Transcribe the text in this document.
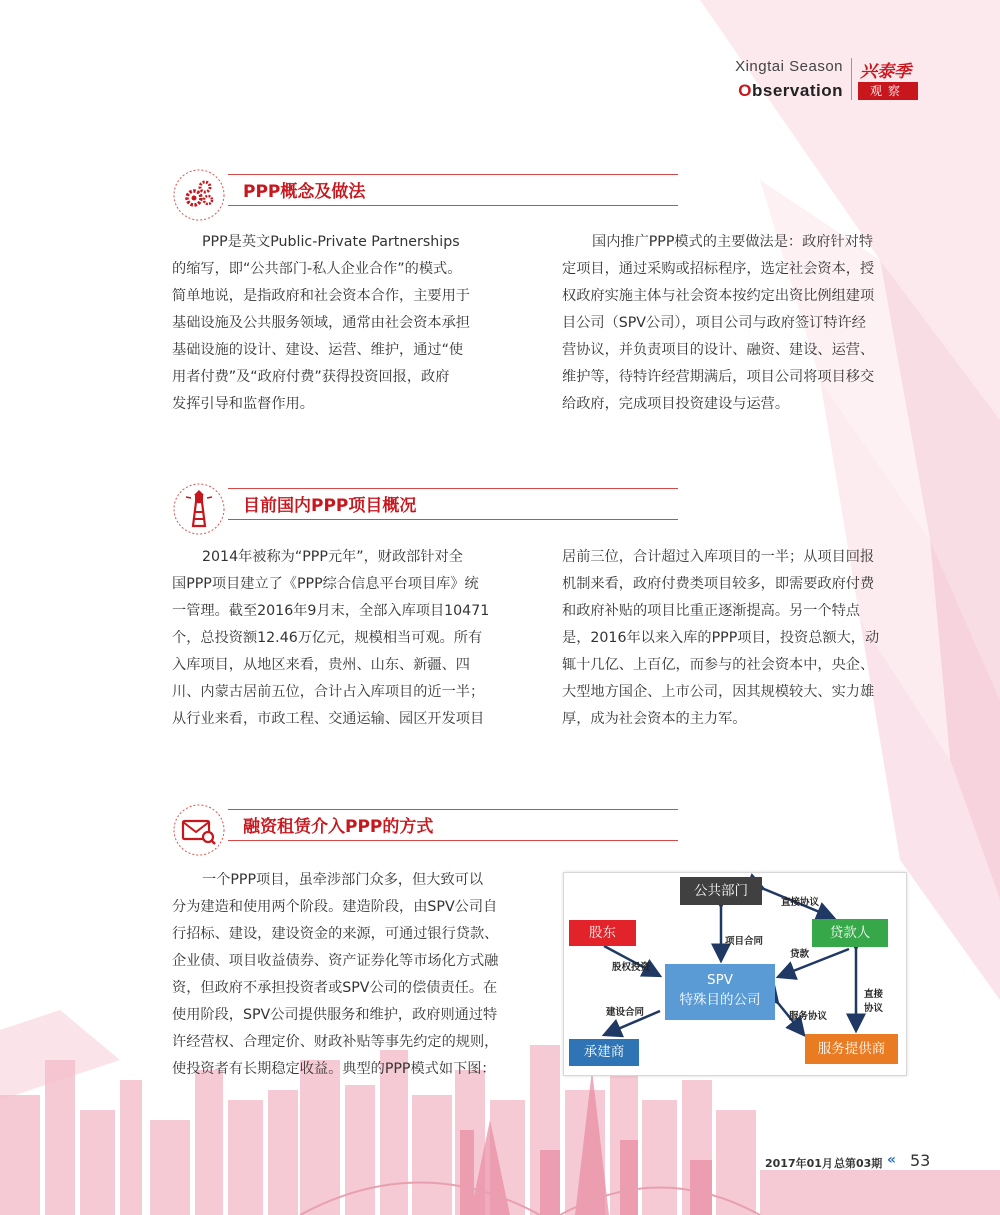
Xingtai Season
Observation
兴泰季
观察
PPP概念及做法
PPP是英文Public-Private Partnerships
的缩写，即“公共部门-私人企业合作”的模式。
简单地说，是指政府和社会资本合作，主要用于
基础设施及公共服务领域，通常由社会资本承担
基础设施的设计、建设、运营、维护，通过“使
用者付费”及“政府付费”获得投资回报，政府
发挥引导和监督作用。
国内推广PPP模式的主要做法是：政府针对特
定项目，通过采购或招标程序，选定社会资本，授
权政府实施主体与社会资本按约定出资比例组建项
目公司（SPV公司），项目公司与政府签订特许经
营协议，并负责项目的设计、融资、建设、运营、
维护等，待特许经营期满后，项目公司将项目移交
给政府，完成项目投资建设与运营。
目前国内PPP项目概况
2014年被称为“PPP元年”，财政部针对全
国PPP项目建立了《PPP综合信息平台项目库》统
一管理。截至2016年9月末，全部入库项目10471
个，总投资额12.46万亿元，规模相当可观。所有
入库项目，从地区来看，贵州、山东、新疆、四
川、内蒙古居前五位，合计占入库项目的近一半；
从行业来看，市政工程、交通运输、园区开发项目
居前三位，合计超过入库项目的一半；从项目回报
机制来看，政府付费类项目较多，即需要政府付费
和政府补贴的项目比重正逐渐提高。另一个特点
是，2016年以来入库的PPP项目，投资总额大，动
辄十几亿、上百亿，而参与的社会资本中，央企、
大型地方国企、上市公司，因其规模较大、实力雄
厚，成为社会资本的主力军。
融资租赁介入PPP的方式
一个PPP项目，虽牵涉部门众多，但大致可以
分为建造和使用两个阶段。建造阶段，由SPV公司自
行招标、建设，建设资金的来源，可通过银行贷款、
企业债、项目收益债券、资产证券化等市场化方式融
资，但政府不承担投资者或SPV公司的偿债责任。在
使用阶段，SPV公司提供服务和维护，政府则通过特
许经营权、合理定价、财政补贴等事先约定的规则，
使投资者有长期稳定收益。典型的PPP模式如下图：
公共部门
股东	贷款人
SPV
特殊目的公司
承建商	服务提供商
直接协议
项目合同
贷款
股权投资
建设合同	服务协议
直接
协议
2017年01月 总第03期 « 53
